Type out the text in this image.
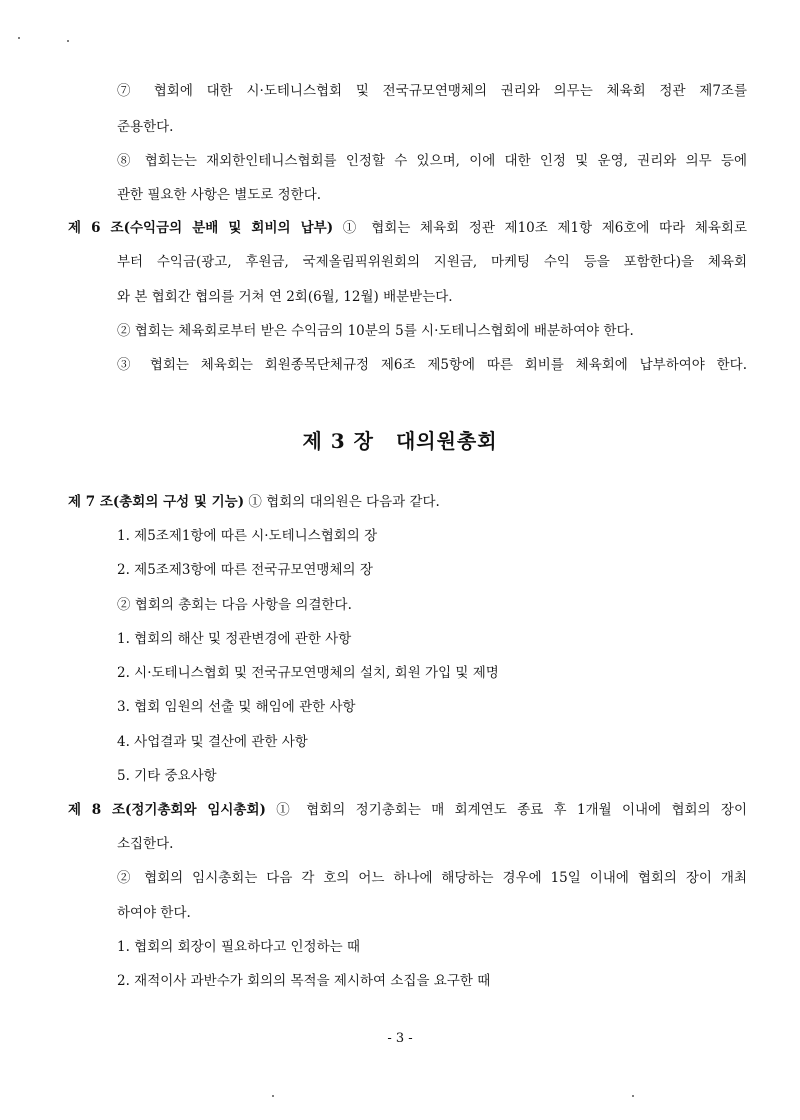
⑦ 협회에 대한 시·도테니스협회 및 전국규모연맹체의 권리와 의무는 체육회 정관 제7조를
준용한다.
⑧ 협회는는 재외한인테니스협회를 인정할 수 있으며, 이에 대한 인정 및 운영, 권리와 의무 등에
관한 필요한 사항은 별도로 정한다.
제 6 조(수익금의 분배 및 회비의 납부) ① 협회는 체육회 정관 제10조 제1항 제6호에 따라 체육회로
부터 수익금(광고, 후원금, 국제올림픽위원회의 지원금, 마케팅 수익 등을 포함한다)을 체육회
와 본 협회간 협의를 거쳐 연 2회(6월, 12월) 배분받는다.
② 협회는 체육회로부터 받은 수익금의 10분의 5를 시·도테니스협회에 배분하여야 한다.
③ 협회는 체육회는 회원종목단체규정 제6조 제5항에 따른 회비를 체육회에 납부하여야 한다.
제 3 장 대의원총회
제 7 조(총회의 구성 및 기능) ① 협회의 대의원은 다음과 같다.
1. 제5조제1항에 따른 시·도테니스협회의 장
2. 제5조제3항에 따른 전국규모연맹체의 장
② 협회의 총회는 다음 사항을 의결한다.
1. 협회의 해산 및 정관변경에 관한 사항
2. 시·도테니스협회 및 전국규모연맹체의 설치, 회원 가입 및 제명
3. 협회 임원의 선출 및 해임에 관한 사항
4. 사업결과 및 결산에 관한 사항
5. 기타 중요사항
제 8 조(정기총회와 임시총회) ① 협회의 정기총회는 매 회계연도 종료 후 1개월 이내에 협회의 장이
소집한다.
② 협회의 임시총회는 다음 각 호의 어느 하나에 해당하는 경우에 15일 이내에 협회의 장이 개최
하여야 한다.
1. 협회의 회장이 필요하다고 인정하는 때
2. 재적이사 과반수가 회의의 목적을 제시하여 소집을 요구한 때
- 3 -
